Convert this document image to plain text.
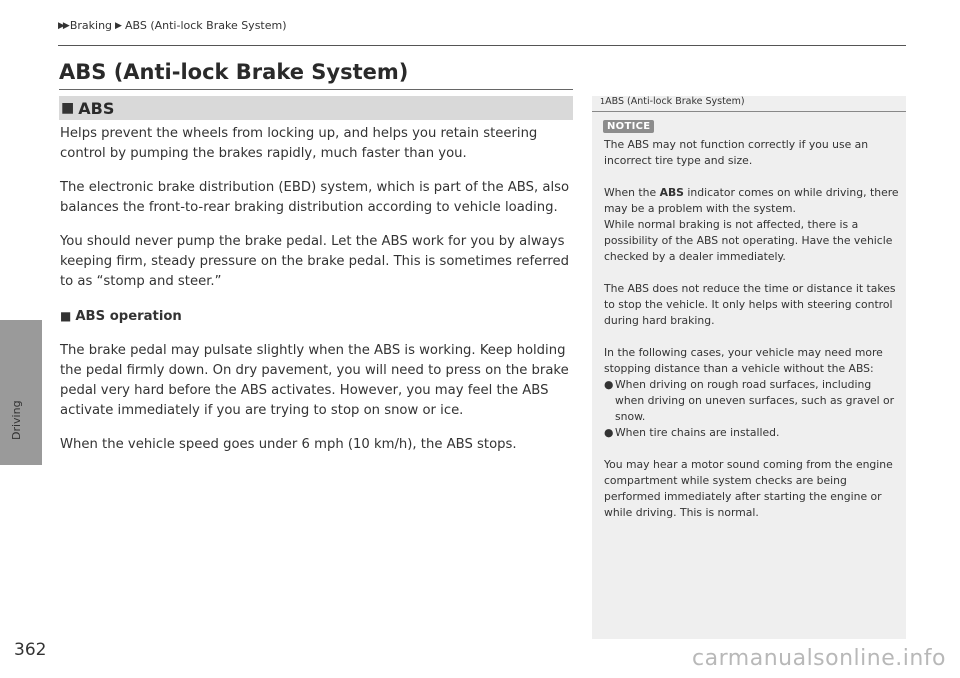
▶▶ Braking ▶ ABS (Anti-lock Brake System)
Driving
ABS (Anti-lock Brake System)
■ ABS

Helps prevent the wheels from locking up, and helps you retain steering control by pumping the brakes rapidly, much faster than you.

The electronic brake distribution (EBD) system, which is part of the ABS, also balances the front-to-rear braking distribution according to vehicle loading.

You should never pump the brake pedal. Let the ABS work for you by always keeping firm, steady pressure on the brake pedal. This is sometimes referred to as “stomp and steer.”

■ ABS operation

The brake pedal may pulsate slightly when the ABS is working. Keep holding the pedal firmly down. On dry pavement, you will need to press on the brake pedal very hard before the ABS activates. However, you may feel the ABS activate immediately if you are trying to stop on snow or ice.

When the vehicle speed goes under 6 mph (10 km/h), the ABS stops.

1ABS (Anti-lock Brake System)
NOTICE

The ABS may not function correctly if you use an incorrect tire type and size.

When the ABS indicator comes on while driving, there may be a problem with the system.

While normal braking is not affected, there is a possibility of the ABS not operating. Have the vehicle checked by a dealer immediately.

The ABS does not reduce the time or distance it takes to stop the vehicle. It only helps with steering control during hard braking.

In the following cases, your vehicle may need more stopping distance than a vehicle without the ABS:

● When driving on rough road surfaces, including when driving on uneven surfaces, such as gravel or snow.
● When tire chains are installed.

You may hear a motor sound coming from the engine compartment while system checks are being performed immediately after starting the engine or while driving. This is normal.

362	carmanualsonline.info
